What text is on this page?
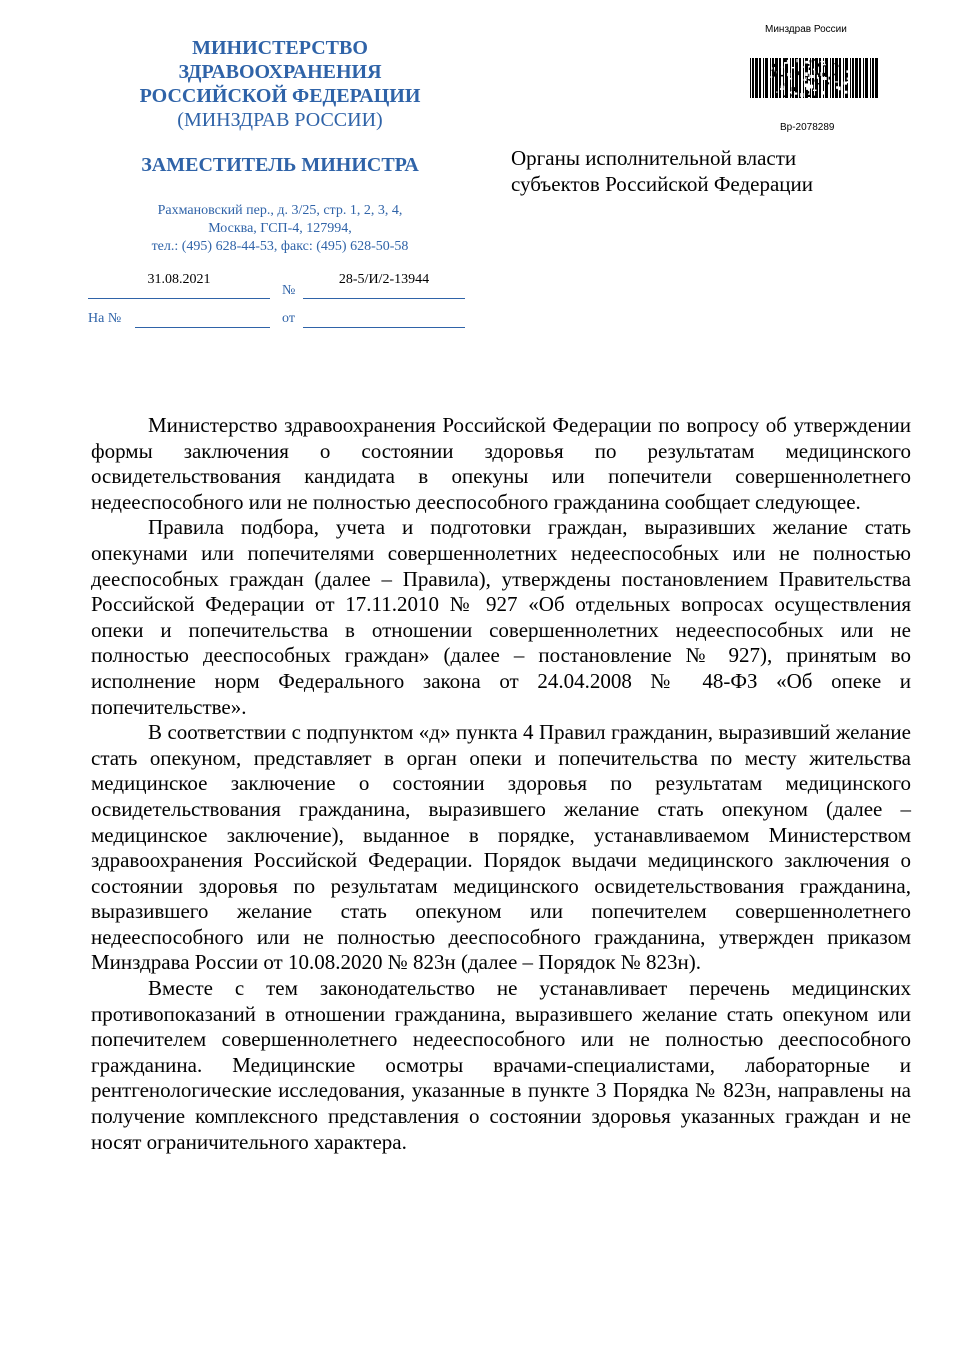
МИНИСТЕРСТВО
ЗДРАВООХРАНЕНИЯ
РОССИЙСКОЙ ФЕДЕРАЦИИ
(МИНЗДРАВ РОССИИ)
ЗАМЕСТИТЕЛЬ МИНИСТРА
Рахмановский пер., д. 3/25, стр. 1, 2, 3, 4,
Москва, ГСП-4, 127994,
тел.: (495) 628-44-53, факс: (495) 628-50-58
31.08.2021
№
28-5/И/2-13944
На №	от
Минздрав России
Вр-2078289
Органы исполнительной власти
субъектов Российской Федерации

Министерство здравоохранения Российской Федерации по вопросу об утверждении формы заключения о состоянии здоровья по результатам медицинского освидетельствования кандидата в опекуны или попечители совершеннолетнего недееспособного или не полностью дееспособного гражданина сообщает следующее.

Правила подбора, учета и подготовки граждан, выразивших желание стать опекунами или попечителями совершеннолетних недееспособных или не полностью дееспособных граждан (далее – Правила), утверждены постановлением Правительства Российской Федерации от 17.11.2010 № 927 «Об отдельных вопросах осуществления опеки и попечительства в отношении совершеннолетних недееспособных или не полностью дееспособных граждан» (далее – постановление № 927), принятым во исполнение норм Федерального закона от 24.04.2008 № 48-ФЗ «Об опеке и попечительстве».

В соответствии с подпунктом «д» пункта 4 Правил гражданин, выразивший желание стать опекуном, представляет в орган опеки и попечительства по месту жительства медицинское заключение о состоянии здоровья по результатам медицинского освидетельствования гражданина, выразившего желание стать опекуном (далее – медицинское заключение), выданное в порядке, устанавливаемом Министерством здравоохранения Российской Федерации. Порядок выдачи медицинского заключения о состоянии здоровья по результатам медицинского освидетельствования гражданина, выразившего желание стать опекуном или попечителем совершеннолетнего недееспособного или не полностью дееспособного гражданина, утвержден приказом Минздрава России от 10.08.2020 № 823н (далее – Порядок № 823н).

Вместе с тем законодательство не устанавливает перечень медицинских противопоказаний в отношении гражданина, выразившего желание стать опекуном или попечителем совершеннолетнего недееспособного или не полностью дееспособного гражданина. Медицинские осмотры врачами-специалистами, лабораторные и рентгенологические исследования, указанные в пункте 3 Порядка № 823н, направлены на получение комплексного представления о состоянии здоровья указанных граждан и не носят ограничительного характера.
